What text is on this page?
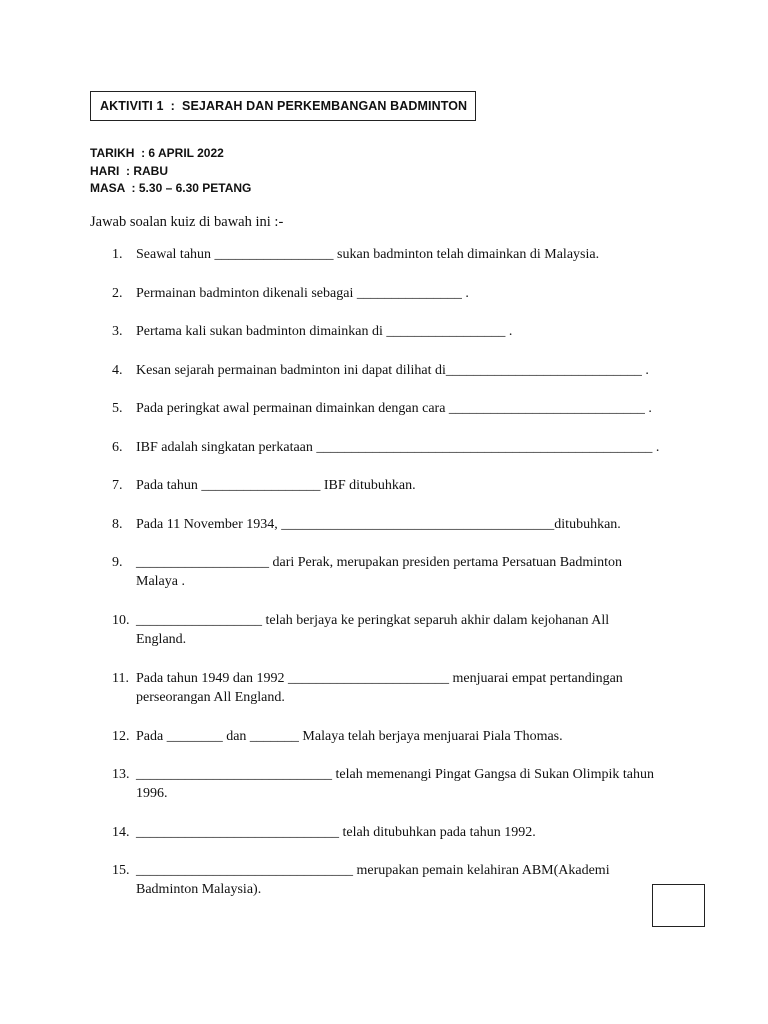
AKTIVITI 1  :  SEJARAH DAN PERKEMBANGAN BADMINTON
TARIKH  : 6 APRIL 2022
HARI  : RABU
MASA  : 5.30 – 6.30 PETANG
Jawab soalan kuiz di bawah ini :-
1. Seawal tahun _________________ sukan badminton telah dimainkan di Malaysia.
2. Permainan badminton dikenali sebagai _______________ .
3. Pertama kali sukan badminton dimainkan di _________________ .
4. Kesan sejarah permainan badminton ini dapat dilihat di____________________________ .
5. Pada peringkat awal permainan dimainkan dengan cara ____________________________ .
6. IBF adalah singkatan perkataan ________________________________________________ .
7. Pada tahun _________________ IBF ditubuhkan.
8. Pada 11 November 1934, _______________________________________ditubuhkan.
9. ___________________ dari Perak, merupakan presiden pertama Persatuan Badminton
Malaya .
10. __________________ telah berjaya ke peringkat separuh akhir dalam kejohanan All
England.
11. Pada tahun 1949 dan 1992 _______________________ menjuarai empat pertandingan
perseorangan All England.
12. Pada ________ dan _______ Malaya telah berjaya menjuarai Piala Thomas.
13. ____________________________ telah memenangi Pingat Gangsa di Sukan Olimpik tahun
1996.
14. _____________________________ telah ditubuhkan pada tahun 1992.
15. _______________________________ merupakan pemain kelahiran ABM(Akademi
Badminton Malaysia).
